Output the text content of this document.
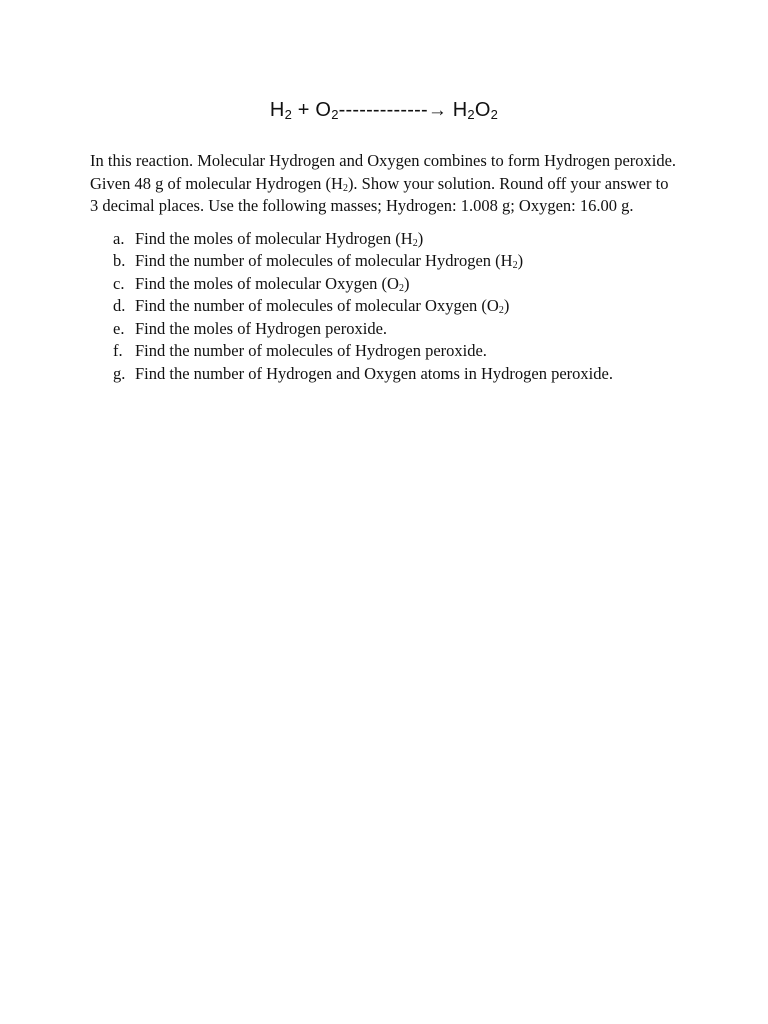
$H_2 + O_2-------------\to H_2O_2$

In this reaction. Molecular Hydrogen and Oxygen combines to form Hydrogen peroxide.

Given 48 g of molecular Hydrogen $(H_2)$. Show your solution. Round off your answer to 3 decimal places. Use the following masses; Hydrogen: 1.008 g; Oxygen: 16.00 g.

a. Find the moles of molecular Hydrogen $(H_2)$
b. Find the number of molecules of molecular Hydrogen $(H_2)$
c. Find the moles of molecular Oxygen $(O_2)$
d. Find the number of molecules of molecular Oxygen $(O_2)$
e. Find the moles of Hydrogen peroxide.
f. Find the number of molecules of Hydrogen peroxide.
g. Find the number of Hydrogen and Oxygen atoms in Hydrogen peroxide.
